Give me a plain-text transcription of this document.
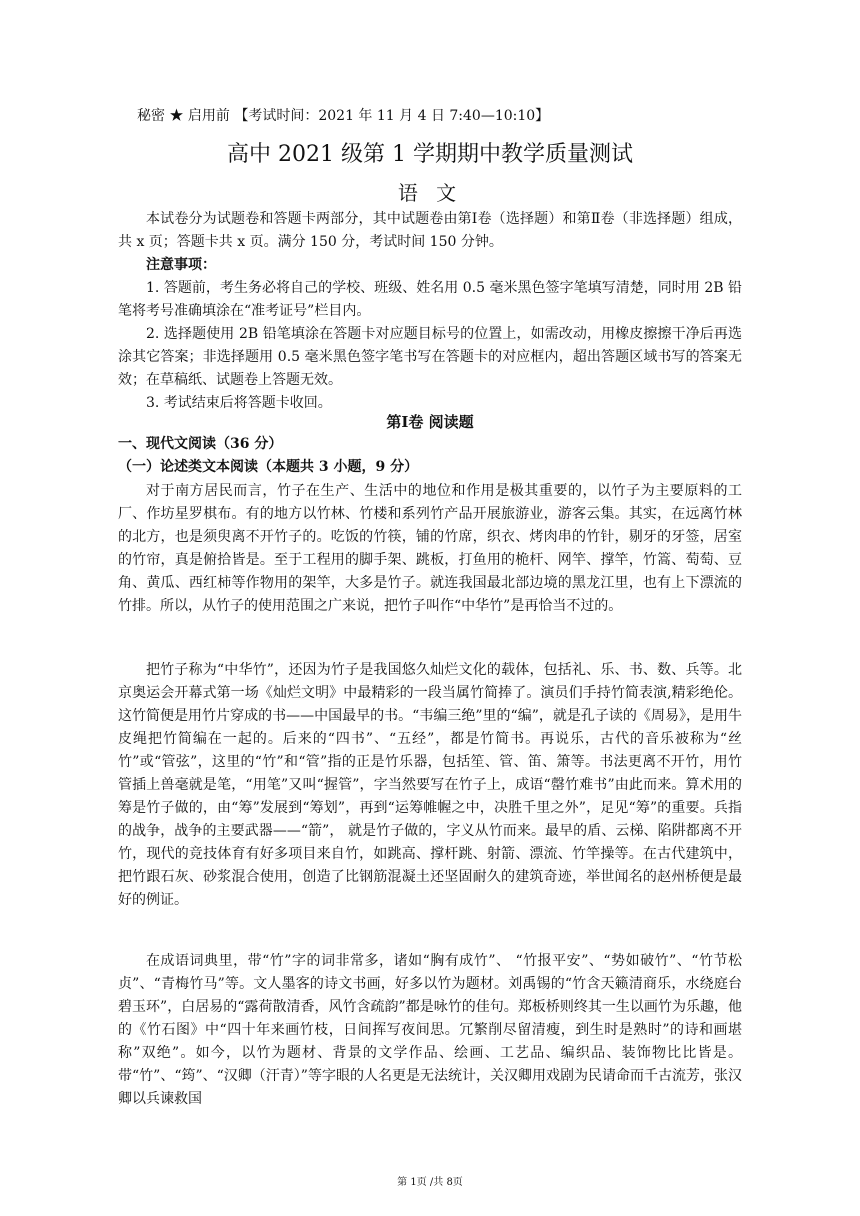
秘密 ★ 启用前 【考试时间：2021 年 11 月 4 日 7:40—10:10】
高中 2021 级第 1 学期期中教学质量测试
语 文

本试卷分为试题卷和答题卡两部分，其中试题卷由第Ⅰ卷（选择题）和第Ⅱ卷（非选择题）组成，共 x 页；答题卡共 x 页。满分 150 分，考试时间 150 分钟。

注意事项：

1. 答题前，考生务必将自己的学校、班级、姓名用 0.5 毫米黑色签字笔填写清楚，同时用 2B 铅笔将考号准确填涂在“准考证号”栏目内。

2. 选择题使用 2B 铅笔填涂在答题卡对应题目标号的位置上，如需改动，用橡皮擦擦干净后再选涂其它答案；非选择题用 0.5 毫米黑色签字笔书写在答题卡的对应框内，超出答题区域书写的答案无效；在草稿纸、试题卷上答题无效。

3. 考试结束后将答题卡收回。

第Ⅰ卷 阅读题
一、现代文阅读（36 分）
（一）论述类文本阅读（本题共 3 小题，9 分）

对于南方居民而言，竹子在生产、生活中的地位和作用是极其重要的，以竹子为主要原料的工厂、作坊星罗棋布。有的地方以竹林、竹楼和系列竹产品开展旅游业，游客云集。其实，在远离竹林的北方，也是须臾离不开竹子的。吃饭的竹筷，铺的竹席，织衣、烤肉串的竹针，剔牙的牙签，居室的竹帘，真是俯拾皆是。至于工程用的脚手架、跳板，打鱼用的桅杆、网竿、撑竿，竹篙、萄萄、豆角、黄瓜、西红柿等作物用的架竿，大多是竹子。就连我国最北部边境的黑龙江里，也有上下漂流的竹排。所以，从竹子的使用范围之广来说，把竹子叫作“中华竹”是再恰当不过的。

把竹子称为“中华竹”，还因为竹子是我国悠久灿烂文化的载体，包括礼、乐、书、数、兵等。北京奥运会开幕式第一场《灿烂文明》中最精彩的一段当属竹简捧了。演员们手持竹简表演,精彩绝伦。这竹简便是用竹片穿成的书——中国最早的书。“韦编三绝”里的“编”，就是孔子读的《周易》，是用牛皮绳把竹简编在一起的。后来的“四书”、“五经”，都是竹简书。再说乐，古代的音乐被称为“丝竹”或“管弦”，这里的“竹”和“管”指的正是竹乐器，包括笙、管、笛、箫等。书法更离不开竹，用竹管插上兽毫就是笔，“用笔”又叫“握管”，字当然要写在竹子上，成语“罄竹难书”由此而来。算术用的筹是竹子做的，由“筹”发展到“筹划”，再到“运筹帷幄之中，决胜千里之外”，足见“筹”的重要。兵指的战争，战争的主要武器——“箭”， 就是竹子做的，字义从竹而来。最早的盾、云梯、陷阱都离不开竹，现代的竞技体育有好多项目来自竹，如跳高、撑杆跳、射箭、漂流、竹竿操等。在古代建筑中，把竹跟石灰、砂浆混合使用，创造了比钢筋混凝土还坚固耐久的建筑奇迹，举世闻名的赵州桥便是最好的例证。

在成语词典里，带“竹”字的词非常多，诸如“胸有成竹”、 “竹报平安”、“势如破竹”、“竹节松贞”、“青梅竹马”等。文人墨客的诗文书画，好多以竹为题材。刘禹锡的“竹含天籁清商乐，水绕庭台碧玉环”，白居易的“露荷散清香，风竹含疏韵”都是咏竹的佳句。郑板桥则终其一生以画竹为乐趣，他的《竹石图》中“四十年来画竹枝，日间挥写夜间思。冗繁削尽留清瘦，到生时是熟时”的诗和画堪称”双绝”。如今，以竹为题材、背景的文学作品、绘画、工艺品、编织品、装饰物比比皆是。带“竹”、“筠”、“汉卿（汗青）”等字眼的人名更是无法统计，关汉卿用戏剧为民请命而千古流芳，张汉卿以兵谏救国

第 1页 /共 8页
